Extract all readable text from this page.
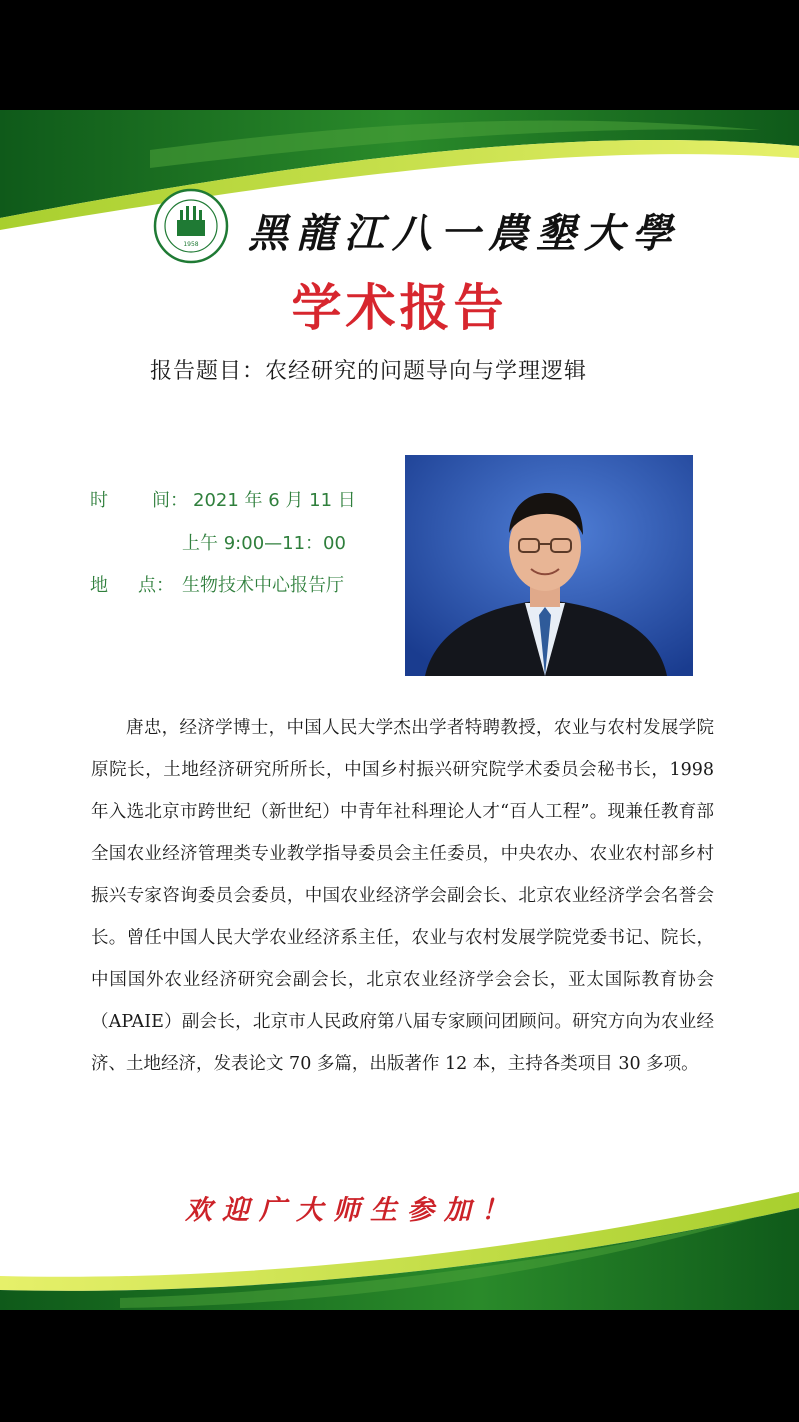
1958 黑龍江八一農墾大學
学术报告

报告题目：农经研究的问题导向与学理逻辑

时 间： 2021 年 6 月 11 日
上午 9:00—11：00
地 点： 生物技术中心报告厅

唐忠，经济学博士，中国人民大学杰出学者特聘教授，农业与农村发展学院原院长，土地经济研究所所长，中国乡村振兴研究院学术委员会秘书长，1998 年入选北京市跨世纪（新世纪）中青年社科理论人才“百人工程”。现兼任教育部全国农业经济管理类专业教学指导委员会主任委员，中央农办、农业农村部乡村振兴专家咨询委员会委员，中国农业经济学会副会长、北京农业经济学会名誉会长。曾任中国人民大学农业经济系主任，农业与农村发展学院党委书记、院长，中国国外农业经济研究会副会长，北京农业经济学会会长，亚太国际教育协会（APAIE）副会长，北京市人民政府第八届专家顾问团顾问。研究方向为农业经济、土地经济，发表论文 70 多篇，出版著作 12 本，主持各类项目 30 多项。

欢迎广大师生参加！
